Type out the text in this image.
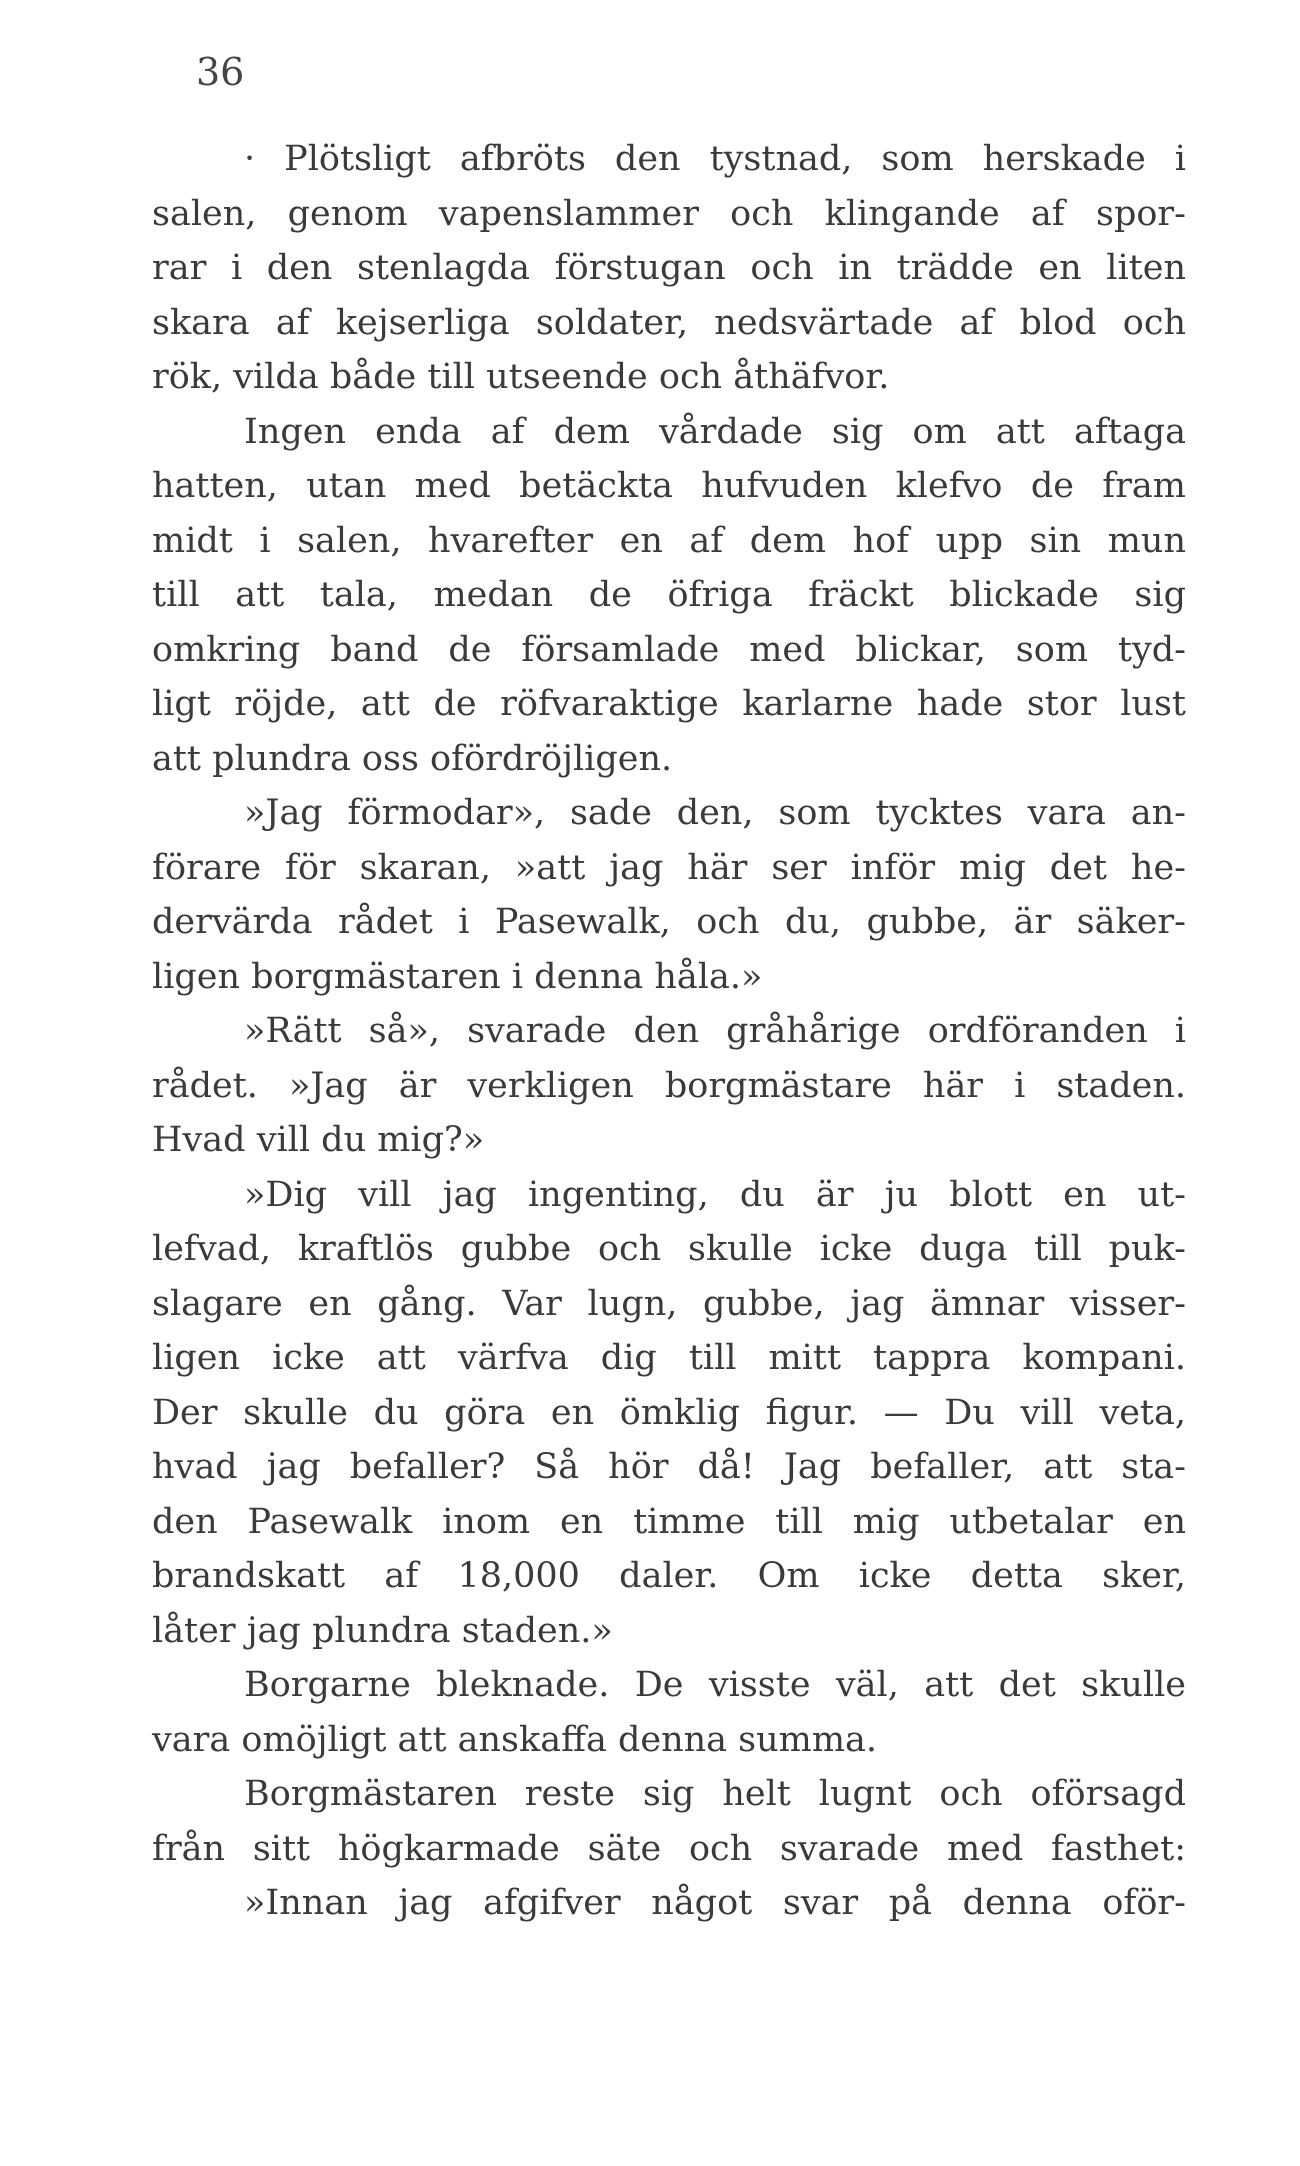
36
· Plötsligt afbröts den tystnad, som herskade i
salen, genom vapenslammer och klingande af spor-
rar i den stenlagda förstugan och in trädde en liten
skara af kejserliga soldater, nedsvärtade af blod och
rök, vilda både till utseende och åthäfvor.
Ingen enda af dem vårdade sig om att aftaga
hatten, utan med betäckta hufvuden klefvo de fram
midt i salen, hvarefter en af dem hof upp sin mun
till att tala, medan de öfriga fräckt blickade sig
omkring band de församlade med blickar, som tyd-
ligt röjde, att de röfvaraktige karlarne hade stor lust
att plundra oss ofördröjligen.
»Jag förmodar», sade den, som tycktes vara an-
förare för skaran, »att jag här ser inför mig det he-
dervärda rådet i Pasewalk, och du, gubbe, är säker-
ligen borgmästaren i denna håla.»
»Rätt så», svarade den gråhårige ordföranden i
rådet. »Jag är verkligen borgmästare här i staden.
Hvad vill du mig?»
»Dig vill jag ingenting, du är ju blott en ut-
lefvad, kraftlös gubbe och skulle icke duga till puk-
slagare en gång. Var lugn, gubbe, jag ämnar visser-
ligen icke att värfva dig till mitt tappra kompani.
Der skulle du göra en ömklig figur. — Du vill veta,
hvad jag befaller? Så hör då! Jag befaller, att sta-
den Pasewalk inom en timme till mig utbetalar en
brandskatt af 18,000 daler. Om icke detta sker,
låter jag plundra staden.»
Borgarne bleknade. De visste väl, att det skulle
vara omöjligt att anskaffa denna summa.
Borgmästaren reste sig helt lugnt och oförsagd
från sitt högkarmade säte och svarade med fasthet:
»Innan jag afgifver något svar på denna oför-
